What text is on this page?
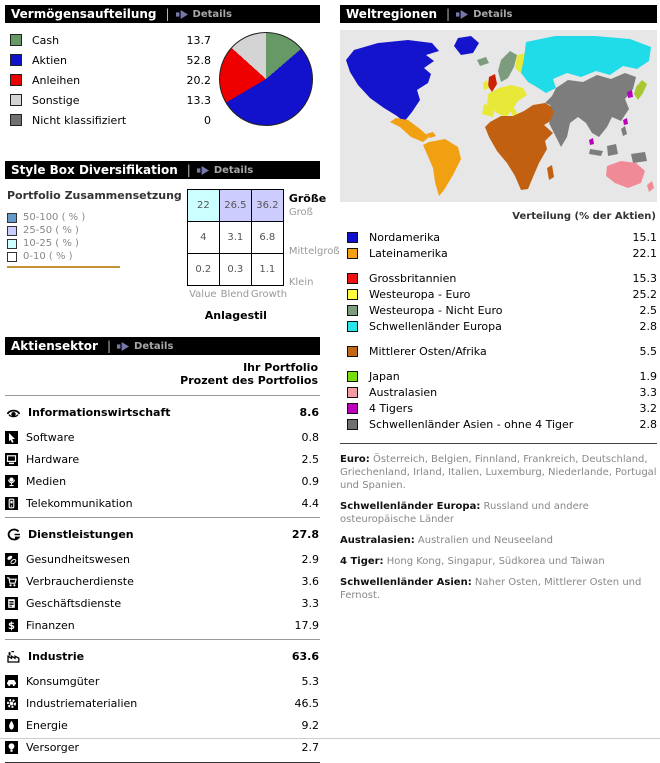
Vermögensaufteilung | Details
Cash	13.7
Aktien	52.8
Anleihen	20.2
Sonstige	13.3
Nicht klassifiziert	0
Style Box Diversifikation | Details
Portfolio Zusammensetzung
50-100 ( % )
25-50 ( % )
10-25 ( % )
0-10 ( % )
22	26.5	36.2
4	3.1	6.8
0.2	0.3	1.1
Größe
Groß
Mittelgroß
Klein
Value Blend Growth
Anlagestil
Aktiensektor | Details
Ihr Portfolio
Prozent des Portfolios
Informationswirtschaft	8.6
Software	0.8
Hardware	2.5
Medien	0.9
Telekommunikation	4.4
Dienstleistungen	27.8
Gesundheitswesen	2.9
Verbraucherdienste	3.6
Geschäftsdienste	3.3
$ Finanzen	17.9
Industrie	63.6
Konsumgüter	5.3
Industriematerialien	46.5
Energie	9.2
Versorger	2.7
Weltregionen | Details
Verteilung (% der Aktien)
Nordamerika	15.1
Lateinamerika	22.1
Grossbritannien	15.3
Westeuropa - Euro	25.2
Westeuropa - Nicht Euro	2.5
Schwellenländer Europa	2.8
Mittlerer Osten/Afrika	5.5
Japan	1.9
Australasien	3.3
4 Tigers	3.2
Schwellenländer Asien - ohne 4 Tiger	2.8

Euro: Österreich, Belgien, Finnland, Frankreich, Deutschland, Griechenland, Irland, Italien, Luxemburg, Niederlande, Portugal und Spanien.

Schwellenländer Europa: Russland und andere osteuropäische Länder

Australasien: Australien und Neuseeland

4 Tiger: Hong Kong, Singapur, Südkorea und Taiwan

Schwellenländer Asien: Naher Osten, Mittlerer Osten und Fernost.
